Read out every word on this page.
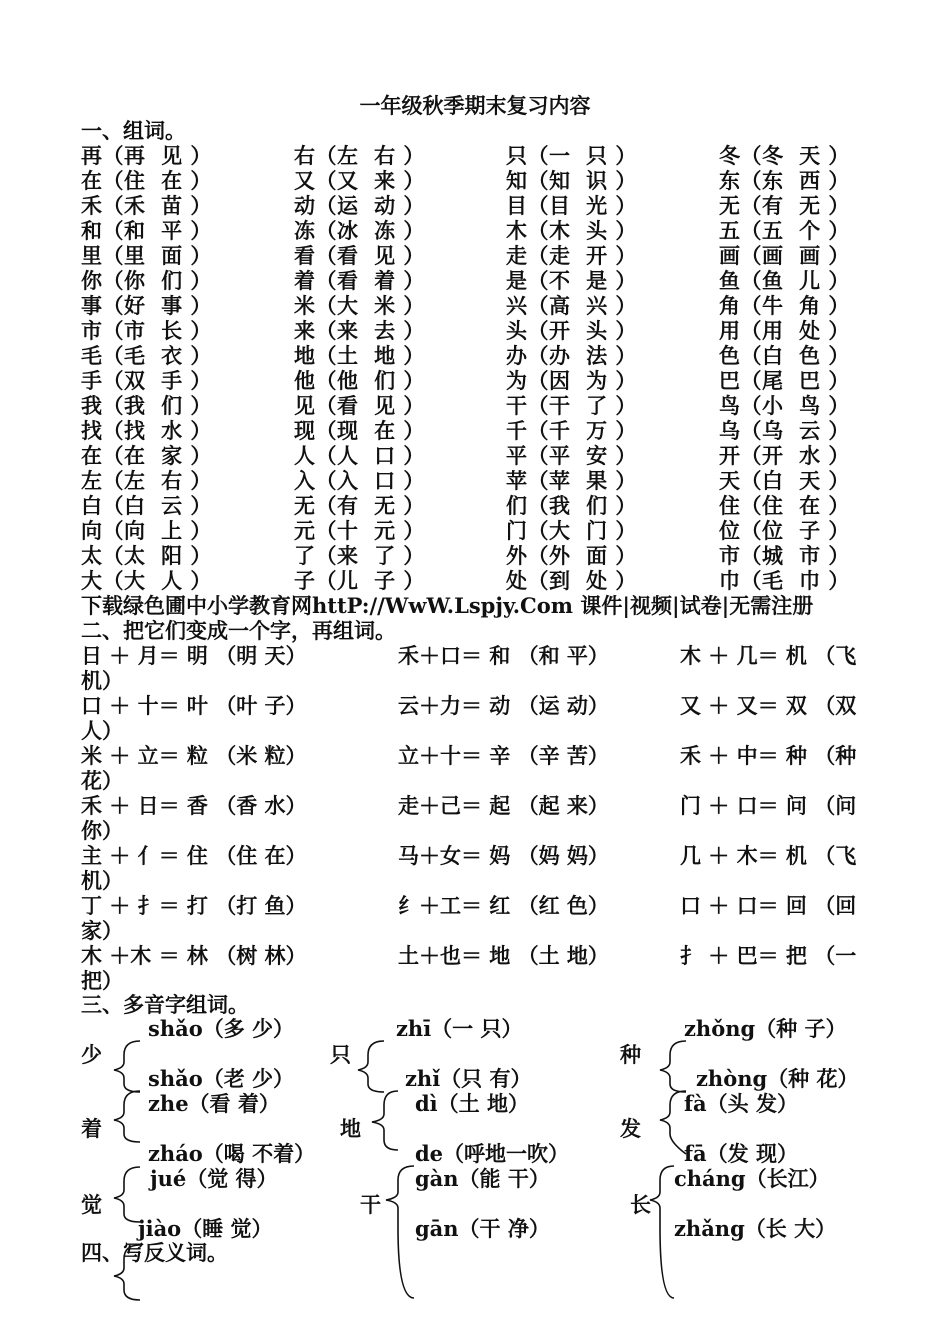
一年级秋季期末复习内容
一、组词。
再（再  见 ）	右（左  右 ）	只（一  只 ）	冬（冬  天 ）
在（住  在 ）	又（又  来 ）	知（知  识 ）	东（东  西 ）
禾（禾  苗 ）	动（运  动 ）	目（目  光 ）	无（有  无 ）
和（和  平 ）	冻（冰  冻 ）	木（木  头 ）	五（五  个 ）
里（里  面 ）	看（看  见 ）	走（走  开 ）	画（画  画 ）
你（你  们 ）	着（看  着 ）	是（不  是 ）	鱼（鱼  儿 ）
事（好  事 ）	米（大  米 ）	兴（高  兴 ）	角（牛  角 ）
市（市  长 ）	来（来  去 ）	头（开  头 ）	用（用  处 ）
毛（毛  衣 ）	地（土  地 ）	办（办  法 ）	色（白  色 ）
手（双  手 ）	他（他  们 ）	为（因  为 ）	巴（尾  巴 ）
我（我  们 ）	见（看  见 ）	干（干  了 ）	鸟（小  鸟 ）
找（找  水 ）	现（现  在 ）	千（千  万 ）	乌（乌  云 ）
在（在  家 ）	人（人  口 ）	平（平  安 ）	开（开  水 ）
左（左  右 ）	入（入  口 ）	苹（苹  果 ）	天（白  天 ）
白（白  云 ）	无（有  无 ）	们（我  们 ）	住（住  在 ）
向（向  上 ）	元（十  元 ）	门（大  门 ）	位（位  子 ）
太（太  阳 ）	了（来  了 ）	外（外  面 ）	市（城  市 ）
大（大  人 ）	子（儿  子 ）	处（到  处 ）	巾（毛  巾 ）
下载绿色圃中小学教育网httP://WwW.Lspjy.Com 课件|视频|试卷|无需注册
二、把它们变成一个字，再组词。
日 ＋ 月＝ 明 （明 天）	禾＋口＝ 和 （和 平）	木 ＋ 几＝ 机 （飞
机）
口 ＋ 十＝ 叶 （叶 子）	云＋力＝ 动 （运 动）	又 ＋ 又＝ 双 （双
人）
米 ＋ 立＝ 粒 （米 粒）	立＋十＝ 辛 （辛 苦）	禾 ＋ 中＝ 种 （种
花）
禾 ＋ 日＝ 香 （香 水）	走＋己＝ 起 （起 来）	门 ＋ 口＝ 问 （问
你）
主 ＋ 亻＝ 住 （住 在）	马＋女＝ 妈 （妈 妈）	几 ＋ 木＝ 机 （飞
机）
丁 ＋ 扌＝ 打 （打 鱼）	纟＋工＝ 红 （红 色）	口 ＋ 口＝ 回 （回
家）
木 ＋木 ＝ 林 （树 林）	土＋也＝ 地 （土 地）	扌 ＋ 巴＝ 把 （一
把）
三、多音字组词。
少
shǎo（多 少）
shǎo（老 少）
只
zhī（一 只）
zhǐ（只 有）
种
zhǒng（种 子）
zhòng（种 花）
着
zhe（看 着）
zháo（喝 不着）
地
dì（土 地）
de（呼地一吹）
发
fà（头 发）
fā（发 现）
觉
jué（觉 得）
jiào（睡 觉）
干
gàn（能 干）
gān（干 净）
长
cháng（长江）
zhǎng（长 大）
四、写反义词。
